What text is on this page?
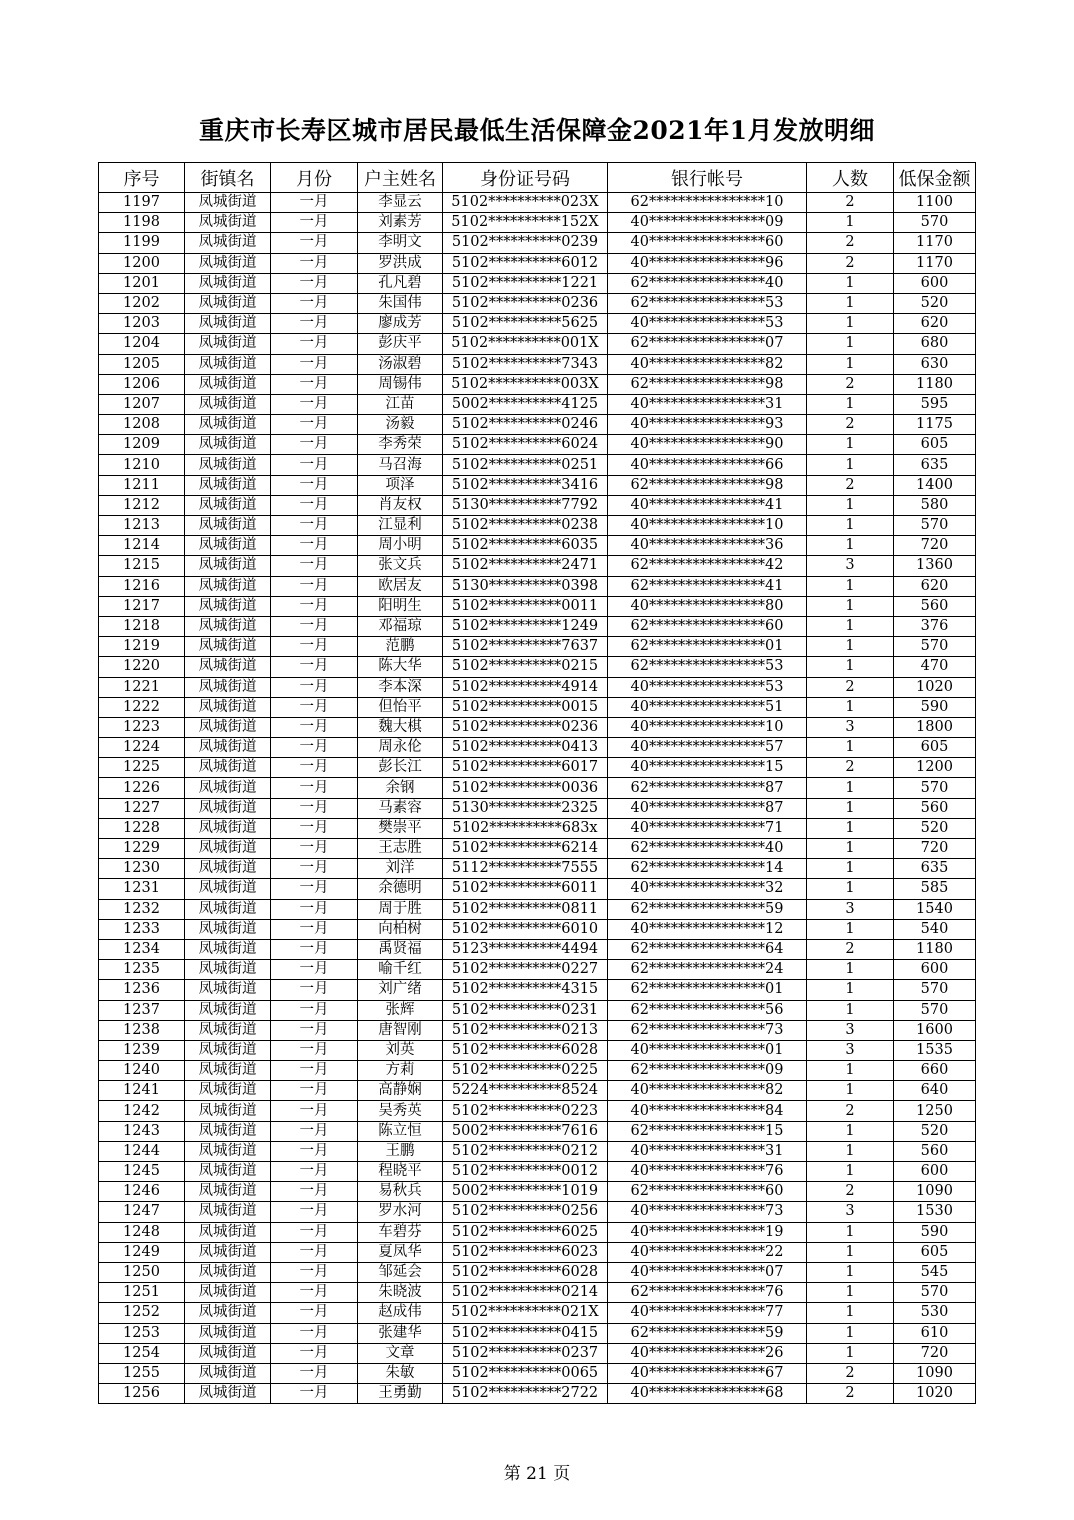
重庆市长寿区城市居民最低生活保障金2021年1月发放明细
序号	街镇名	月份	户主姓名	身份证号码	银行帐号	人数	低保金额
1197	凤城街道	一月	李显云	5102**********023X	62****************10	2	1100
1198	凤城街道	一月	刘素芳	5102**********152X	40****************09	1	570
1199	凤城街道	一月	李明文	5102**********0239	40****************60	2	1170
1200	凤城街道	一月	罗洪成	5102**********6012	40****************96	2	1170
1201	凤城街道	一月	孔凡碧	5102**********1221	62****************40	1	600
1202	凤城街道	一月	朱国伟	5102**********0236	62****************53	1	520
1203	凤城街道	一月	廖成芳	5102**********5625	40****************53	1	620
1204	凤城街道	一月	彭庆平	5102**********001X	62****************07	1	680
1205	凤城街道	一月	汤淑碧	5102**********7343	40****************82	1	630
1206	凤城街道	一月	周锡伟	5102**********003X	62****************98	2	1180
1207	凤城街道	一月	江苗	5002**********4125	40****************31	1	595
1208	凤城街道	一月	汤毅	5102**********0246	40****************93	2	1175
1209	凤城街道	一月	李秀荣	5102**********6024	40****************90	1	605
1210	凤城街道	一月	马召海	5102**********0251	40****************66	1	635
1211	凤城街道	一月	项泽	5102**********3416	62****************98	2	1400
1212	凤城街道	一月	肖友权	5130**********7792	40****************41	1	580
1213	凤城街道	一月	江显利	5102**********0238	40****************10	1	570
1214	凤城街道	一月	周小明	5102**********6035	40****************36	1	720
1215	凤城街道	一月	张文兵	5102**********2471	62****************42	3	1360
1216	凤城街道	一月	欧居友	5130**********0398	62****************41	1	620
1217	凤城街道	一月	阳明生	5102**********0011	40****************80	1	560
1218	凤城街道	一月	邓福琼	5102**********1249	62****************60	1	376
1219	凤城街道	一月	范鹏	5102**********7637	62****************01	1	570
1220	凤城街道	一月	陈大华	5102**********0215	62****************53	1	470
1221	凤城街道	一月	李本深	5102**********4914	40****************53	2	1020
1222	凤城街道	一月	但怡平	5102**********0015	40****************51	1	590
1223	凤城街道	一月	魏大棋	5102**********0236	40****************10	3	1800
1224	凤城街道	一月	周永伦	5102**********0413	40****************57	1	605
1225	凤城街道	一月	彭长江	5102**********6017	40****************15	2	1200
1226	凤城街道	一月	余钢	5102**********0036	62****************87	1	570
1227	凤城街道	一月	马素容	5130**********2325	40****************87	1	560
1228	凤城街道	一月	樊崇平	5102**********683x	40****************71	1	520
1229	凤城街道	一月	王志胜	5102**********6214	62****************40	1	720
1230	凤城街道	一月	刘洋	5112**********7555	62****************14	1	635
1231	凤城街道	一月	余德明	5102**********6011	40****************32	1	585
1232	凤城街道	一月	周于胜	5102**********0811	62****************59	3	1540
1233	凤城街道	一月	向柏树	5102**********6010	40****************12	1	540
1234	凤城街道	一月	禹贤福	5123**********4494	62****************64	2	1180
1235	凤城街道	一月	喻千红	5102**********0227	62****************24	1	600
1236	凤城街道	一月	刘广绪	5102**********4315	62****************01	1	570
1237	凤城街道	一月	张辉	5102**********0231	62****************56	1	570
1238	凤城街道	一月	唐智刚	5102**********0213	62****************73	3	1600
1239	凤城街道	一月	刘英	5102**********6028	40****************01	3	1535
1240	凤城街道	一月	方莉	5102**********0225	62****************09	1	660
1241	凤城街道	一月	高静娴	5224**********8524	40****************82	1	640
1242	凤城街道	一月	吴秀英	5102**********0223	40****************84	2	1250
1243	凤城街道	一月	陈立恒	5002**********7616	62****************15	1	520
1244	凤城街道	一月	王鹏	5102**********0212	40****************31	1	560
1245	凤城街道	一月	程晓平	5102**********0012	40****************76	1	600
1246	凤城街道	一月	易秋兵	5002**********1019	62****************60	2	1090
1247	凤城街道	一月	罗水河	5102**********0256	40****************73	3	1530
1248	凤城街道	一月	车碧芬	5102**********6025	40****************19	1	590
1249	凤城街道	一月	夏凤华	5102**********6023	40****************22	1	605
1250	凤城街道	一月	邹延会	5102**********6028	40****************07	1	545
1251	凤城街道	一月	朱晓波	5102**********0214	62****************76	1	570
1252	凤城街道	一月	赵成伟	5102**********021X	40****************77	1	530
1253	凤城街道	一月	张建华	5102**********0415	62****************59	1	610
1254	凤城街道	一月	文章	5102**********0237	40****************26	1	720
1255	凤城街道	一月	朱敏	5102**********0065	40****************67	2	1090
1256	凤城街道	一月	王勇勤	5102**********2722	40****************68	2	1020
第 21 页
